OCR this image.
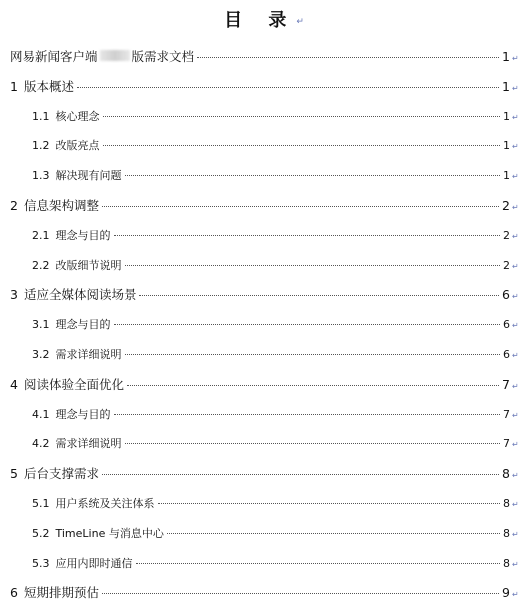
目 录↵
网易新闻客户端	版需求文档	1 ↵
1 版本概述	1 ↵
1.1 核心理念	1 ↵
1.2 改版亮点	1 ↵
1.3 解决现有问题	1 ↵
2 信息架构调整	2 ↵
2.1 理念与目的	2 ↵
2.2 改版细节说明	2 ↵
3 适应全媒体阅读场景	6 ↵
3.1 理念与目的	6 ↵
3.2 需求详细说明	6 ↵
4 阅读体验全面优化	7 ↵
4.1 理念与目的	7 ↵
4.2 需求详细说明	7 ↵
5 后台支撑需求	8 ↵
5.1 用户系统及关注体系	8 ↵
5.2 TimeLine 与消息中心	8 ↵
5.3 应用内即时通信	8 ↵
6 短期排期预估	9 ↵
